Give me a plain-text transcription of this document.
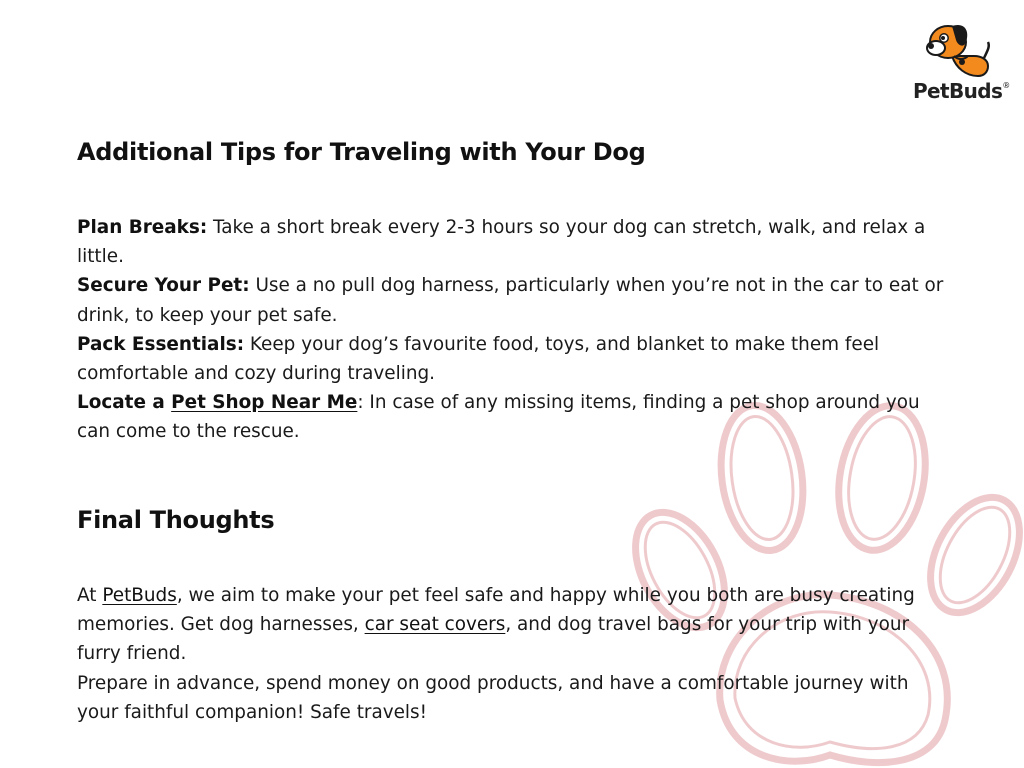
PetBuds®
Additional Tips for Traveling with Your Dog
Plan Breaks: Take a short break every 2-3 hours so your dog can stretch, walk, and relax a little.
Secure Your Pet: Use a no pull dog harness, particularly when you’re not in the car to eat or drink, to keep your pet safe.
Pack Essentials: Keep your dog’s favourite food, toys, and blanket to make them feel comfortable and cozy during traveling.
Locate a Pet Shop Near Me: In case of any missing items, finding a pet shop around you can come to the rescue.
Final Thoughts
At PetBuds, we aim to make your pet feel safe and happy while you both are busy creating memories. Get dog harnesses, car seat covers, and dog travel bags for your trip with your furry friend.
Prepare in advance, spend money on good products, and have a comfortable journey with your faithful companion! Safe travels!
